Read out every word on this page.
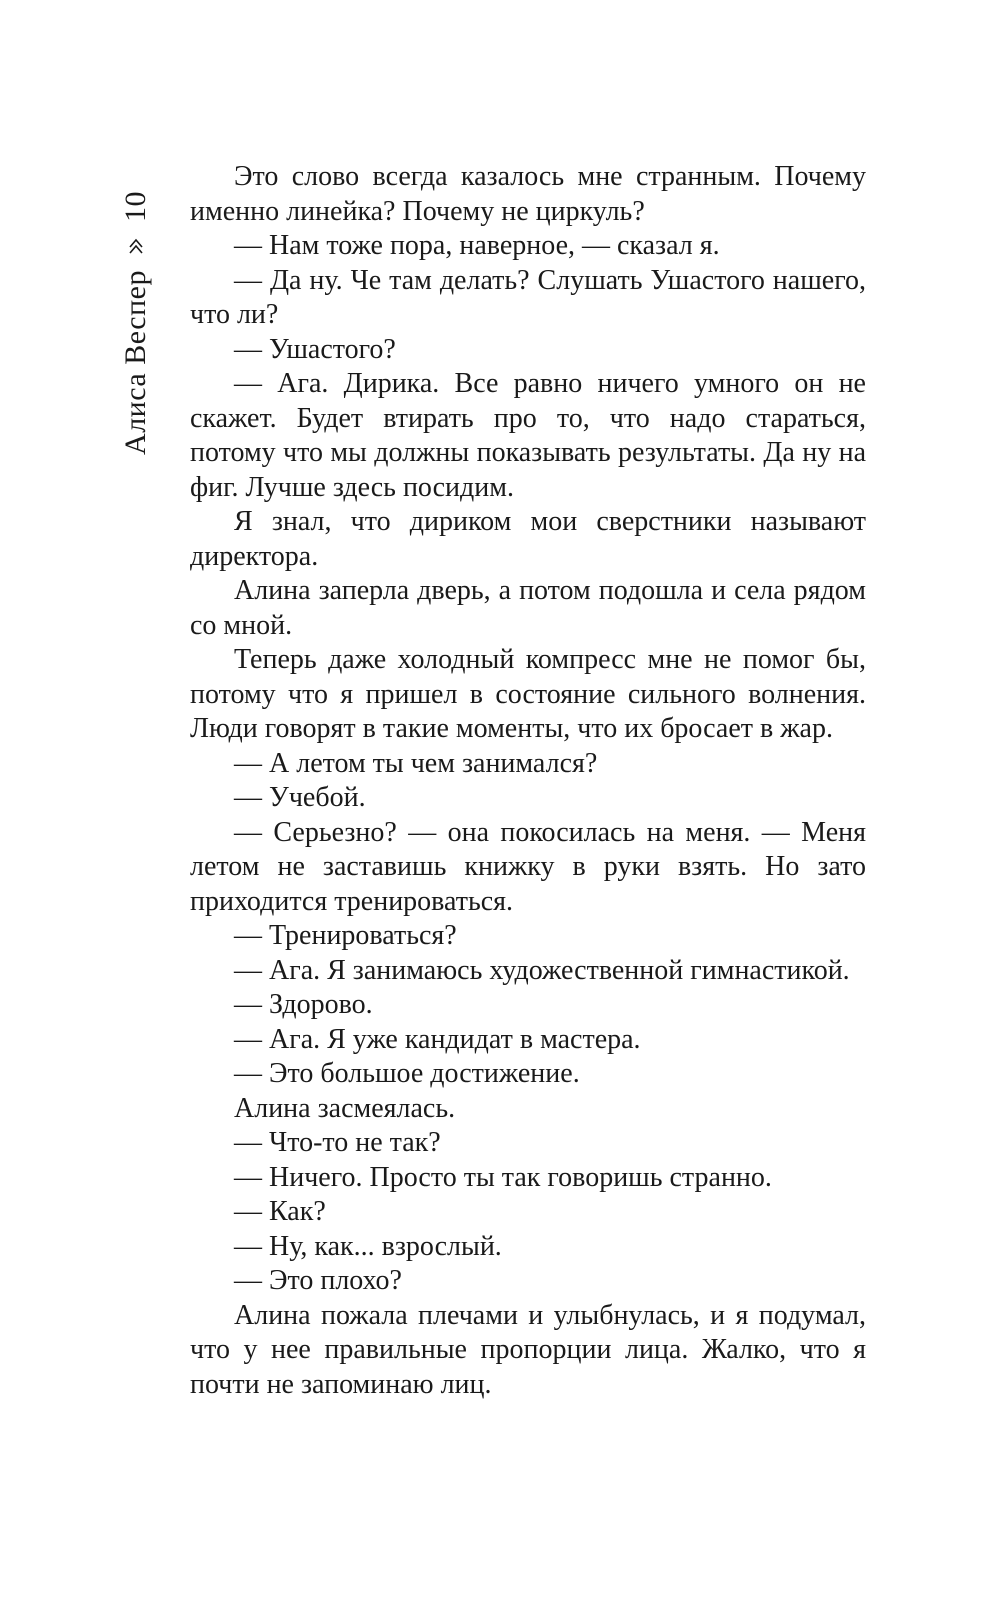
Алиса Веспер
10

Это слово всегда казалось мне странным. Почему именно линейка? Почему не циркуль?

— Нам тоже пора, наверное, — сказал я.

— Да ну. Че там делать? Слушать Ушастого нашего, что ли?

— Ушастого?

— Ага. Дирика. Все равно ничего умного он не скажет. Будет втирать про то, что надо стараться, потому что мы должны показывать результаты. Да ну на фиг. Лучше здесь посидим.

Я знал, что дириком мои сверстники называют директора.

Алина заперла дверь, а потом подошла и села рядом со мной.

Теперь даже холодный компресс мне не помог бы, потому что я пришел в состояние сильного волнения. Люди говорят в такие моменты, что их бросает в жар.

— А летом ты чем занимался?

— Учебой.

— Серьезно? — она покосилась на меня. — Меня летом не заставишь книжку в руки взять. Но зато приходится тренироваться.

— Тренироваться?

— Ага. Я занимаюсь художественной гимнастикой.

— Здорово.

— Ага. Я уже кандидат в мастера.

— Это большое достижение.

Алина засмеялась.

— Что-то не так?

— Ничего. Просто ты так говоришь странно.

— Как?

— Ну, как... взрослый.

— Это плохо?

Алина пожала плечами и улыбнулась, и я подумал, что у нее правильные пропорции лица. Жалко, что я почти не запоминаю лиц.
